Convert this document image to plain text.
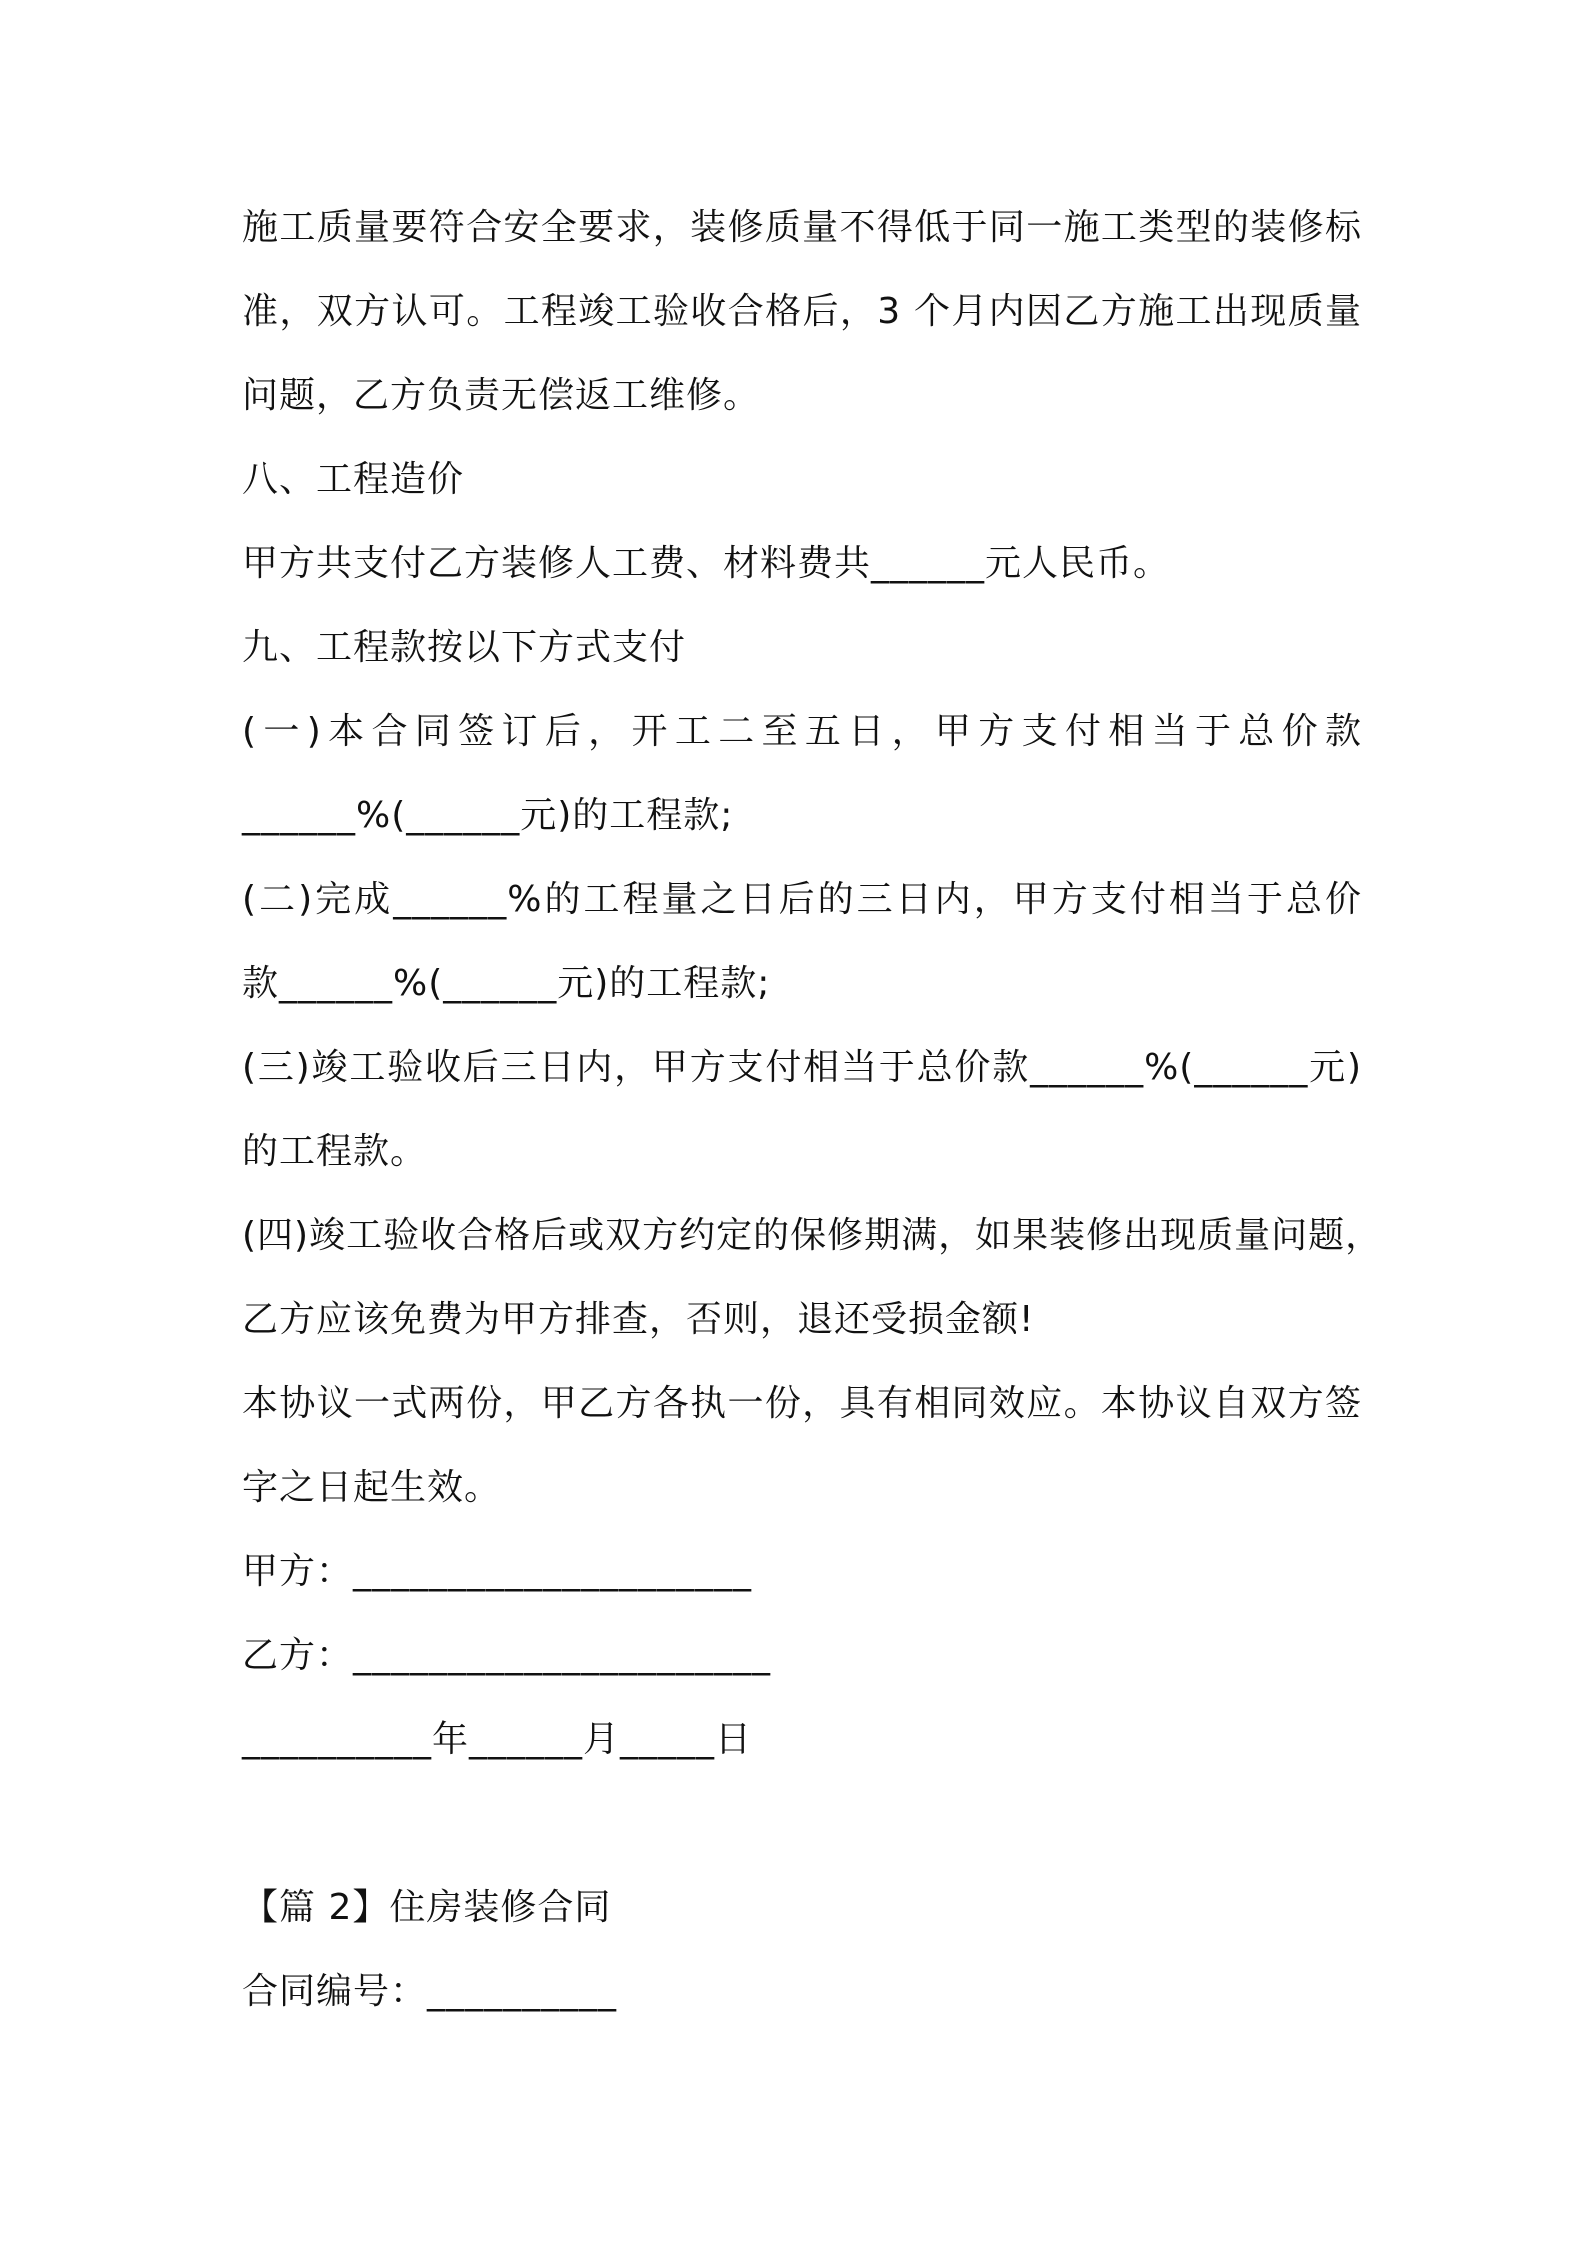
施工质量要符合安全要求，装修质量不得低于同一施工类型的装修标

准，双方认可。工程竣工验收合格后，3 个月内因乙方施工出现质量

问题，乙方负责无偿返工维修。

八、工程造价

甲方共支付乙方装修人工费、材料费共______元人民币。

九、工程款按以下方式支付

(一)本合同签订后，开工二至五日，甲方支付相当于总价款

______%(______元)的工程款;

(二)完成______%的工程量之日后的三日内，甲方支付相当于总价

款______%(______元)的工程款;

(三)竣工验收后三日内，甲方支付相当于总价款______%(______元)

的工程款。

(四)竣工验收合格后或双方约定的保修期满，如果装修出现质量问题，

乙方应该免费为甲方排查，否则，退还受损金额!

本协议一式两份，甲乙方各执一份，具有相同效应。本协议自双方签

字之日起生效。

甲方：_____________________

乙方：______________________

__________年______月_____日

【篇 2】住房装修合同

合同编号：__________
